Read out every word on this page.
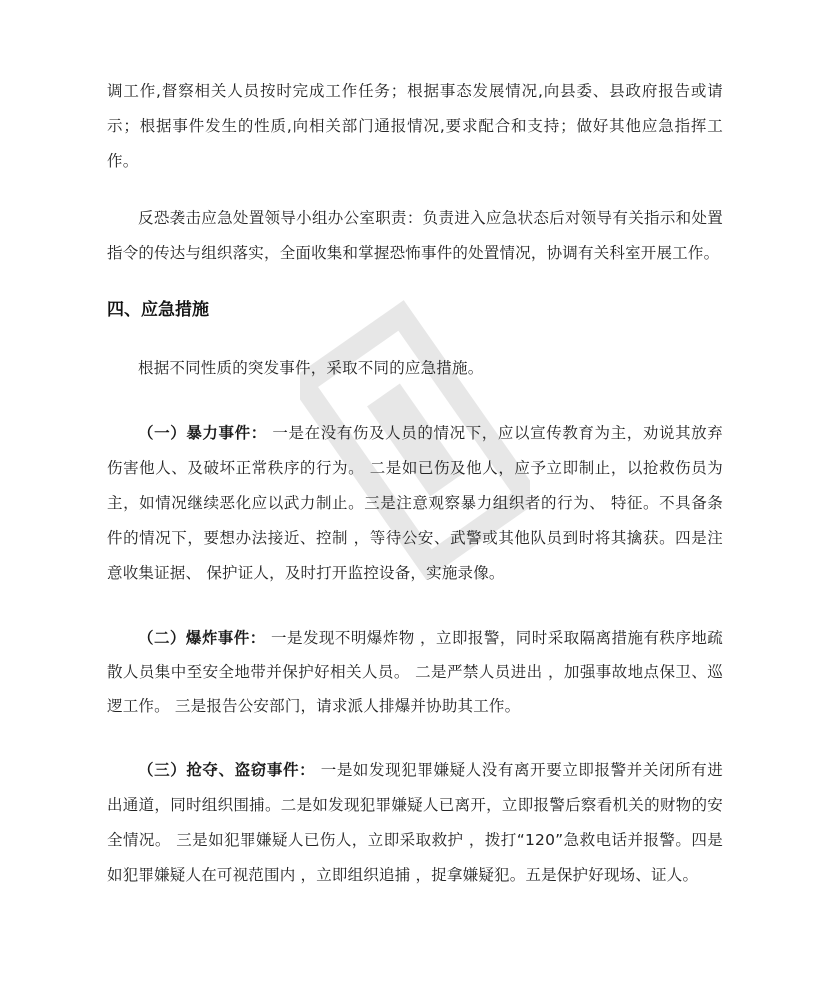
调工作,督察相关人员按时完成工作任务；根据事态发展情况,向县委、县政府报告或请示；根据事件发生的性质,向相关部门通报情况,要求配合和支持；做好其他应急指挥工作。

反恐袭击应急处置领导小组办公室职责：负责进入应急状态后对领导有关指示和处置指令的传达与组织落实，全面收集和掌握恐怖事件的处置情况，协调有关科室开展工作。

四、应急措施

根据不同性质的突发事件，采取不同的应急措施。

（一）暴力事件： 一是在没有伤及人员的情况下，应以宣传教育为主，劝说其放弃伤害他人、及破坏正常秩序的行为。 二是如已伤及他人，应予立即制止，以抢救伤员为主，如情况继续恶化应以武力制止。三是注意观察暴力组织者的行为、 特征。不具备条件的情况下，要想办法接近、控制 ，等待公安、武警或其他队员到时将其擒获。四是注意收集证据、 保护证人，及时打开监控设备，实施录像。

（二）爆炸事件： 一是发现不明爆炸物 ，立即报警，同时采取隔离措施有秩序地疏散人员集中至安全地带并保护好相关人员。 二是严禁人员进出 ，加强事故地点保卫、巡逻工作。 三是报告公安部门，请求派人排爆并协助其工作。

（三）抢夺、盗窃事件： 一是如发现犯罪嫌疑人没有离开要立即报警并关闭所有进出通道，同时组织围捕。二是如发现犯罪嫌疑人已离开，立即报警后察看机关的财物的安全情况。 三是如犯罪嫌疑人已伤人，立即采取救护 ，拨打“120”急救电话并报警。四是如犯罪嫌疑人在可视范围内 ，立即组织追捕 ，捉拿嫌疑犯。五是保护好现场、证人。
